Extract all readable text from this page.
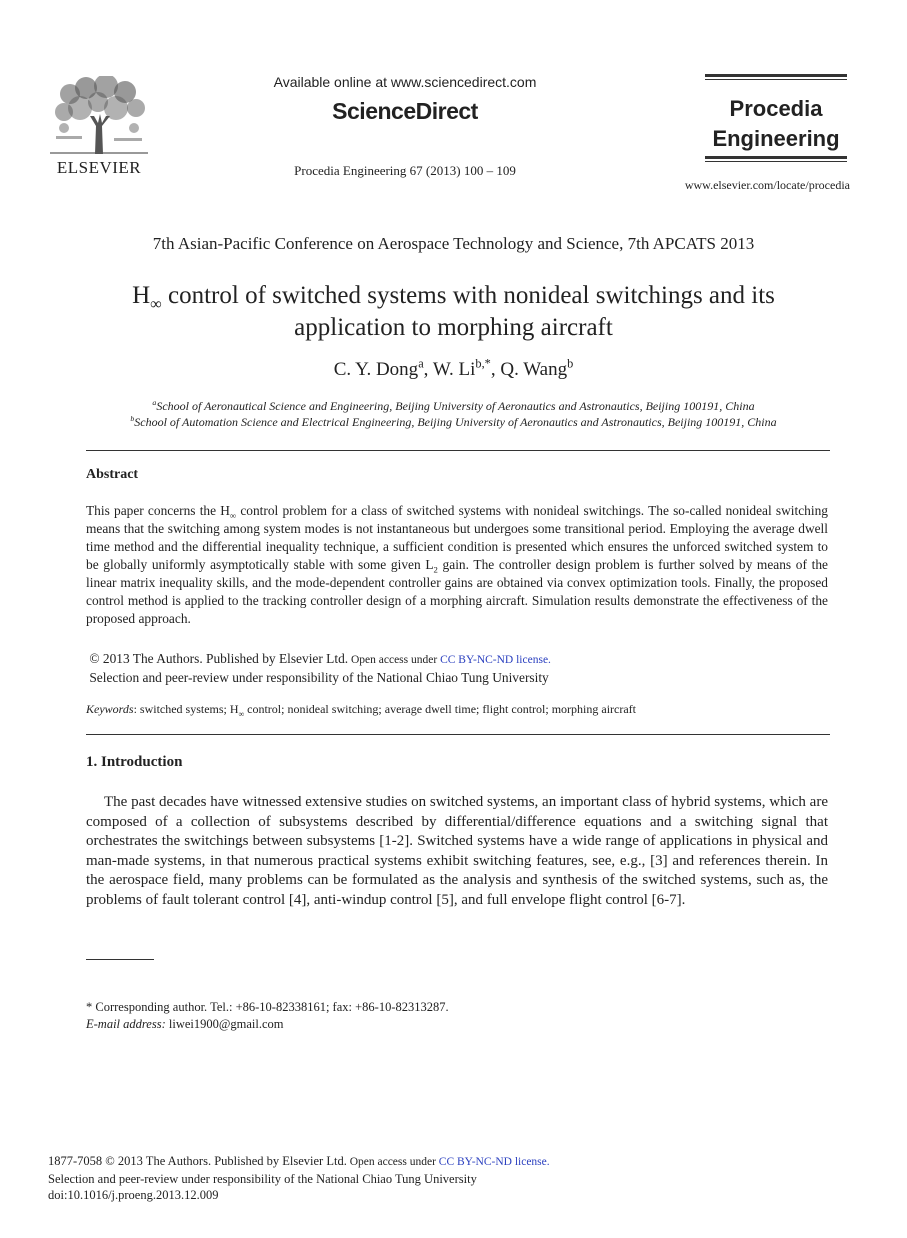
ELSEVIER
Available online at www.sciencedirect.com
ScienceDirect
Procedia Engineering 67 (2013) 100 – 109
Procedia
Engineering
www.elsevier.com/locate/procedia
7th Asian-Pacific Conference on Aerospace Technology and Science, 7th APCATS 2013
$H_\infty$ control of switched systems with nonideal switchings and its
application to morphing aircraft
C. Y. Dong$^a$, W. $Li^{b,*}$, Q. Wang$^b$
$^a$School of Aeronautical Science and Engineering, Beijing University of Aeronautics and Astronautics, Beijing 100191, China
$^b$School of Automation Science and Electrical Engineering, Beijing University of Aeronautics and Astronautics, Beijing 100191, China
Abstract
This paper concerns the $H_\infty$ control problem for a class of switched systems with nonideal switchings. The so-called nonideal switching means that the switching among system modes is not instantaneous but undergoes some transitional period. Employing the average dwell time method and the differential inequality technique, a sufficient condition is presented which ensures the unforced switched system to be globally uniformly asymptotically stable with some given $L_2$ gain. The controller design problem is further solved by means of the linear matrix inequality skills, and the mode-dependent controller gains are obtained via convex optimization tools. Finally, the proposed control method is applied to the tracking controller design of a morphing aircraft. Simulation results demonstrate the effectiveness of the proposed approach.
© 2013 The Authors. Published by Elsevier Ltd. Open access under CC BY-NC-ND license.
Selection and peer-review under responsibility of the National Chiao Tung University
Keywords: switched systems; $H_\infty$ control; nonideal switching; average dwell time; flight control; morphing aircraft
1. Introduction
The past decades have witnessed extensive studies on switched systems, an important class of hybrid systems, which are composed of a collection of subsystems described by differential/difference equations and a switching signal that orchestrates the switchings between subsystems [1-2]. Switched systems have a wide range of applications in physical and man-made systems, in that numerous practical systems exhibit switching features, see, e.g., [3] and references therein. In the aerospace field, many problems can be formulated as the analysis and synthesis of the switched systems, such as, the problems of fault tolerant control [4], anti-windup control [5], and full envelope flight control [6-7].
* Corresponding author. Tel.: +86-10-82338161; fax: +86-10-82313287.
E-mail address: liwei1900@gmail.com
1877-7058 © 2013 The Authors. Published by Elsevier Ltd. Open access under CC BY-NC-ND license.
Selection and peer-review under responsibility of the National Chiao Tung University
doi:10.1016/j.proeng.2013.12.009
